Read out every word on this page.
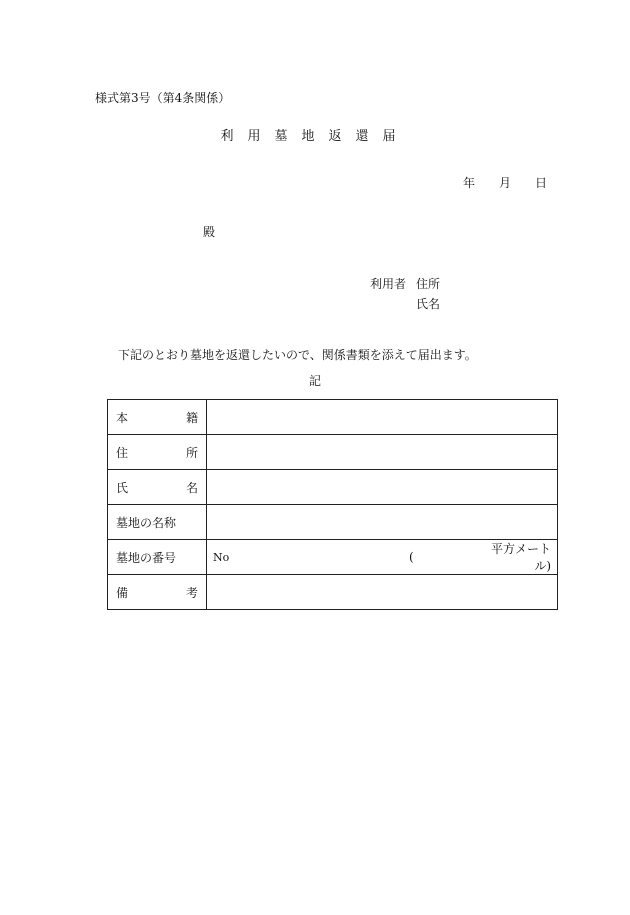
様式第3号（第4条関係）
利用墓地返還届
年 月 日
殿
利用者 住所
氏名
下記のとおり墓地を返還したいので、関係書類を添えて届出ます。
記
本 籍	

住 所	

氏 名	

墓地の名称	
墓地の番号	No (
平方メートル)

備 考	
